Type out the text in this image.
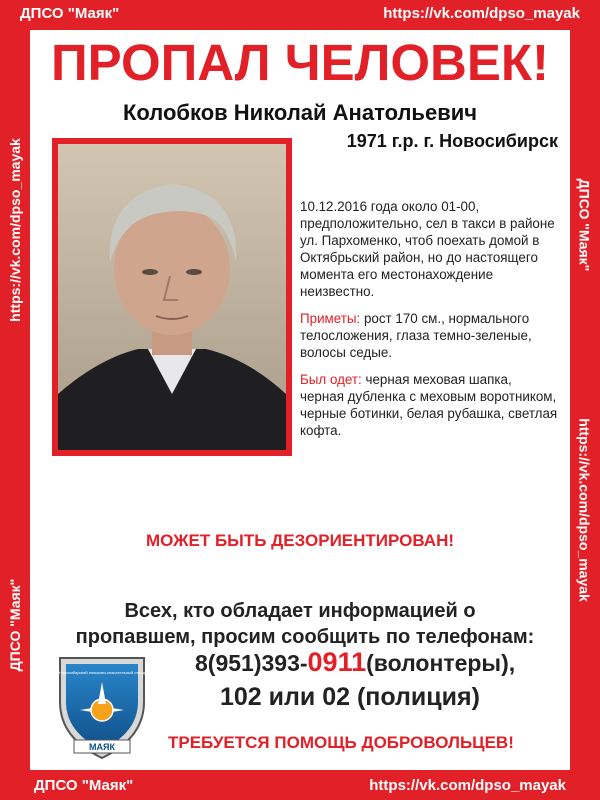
ДПСО "Маяк"	https://vk.com/dpso_mayak
ДПСО "Маяк"	https://vk.com/dpso_mayak
https://vk.com/dpso_mayak
ДПСО "Маяк"
ДПСО "Маяк"
https://vk.com/dpso_mayak
ПРОПАЛ ЧЕЛОВЕК!
Колобков Николай Анатольевич
1971 г.р. г. Новосибирск

10.12.2016 года около 01-00, предположительно, сел в такси в районе ул. Пархоменко, чтоб поехать домой в Октябрьский район, но до настоящего момента его местонахождение неизвестно.

Приметы: рост 170 см., нормального телосложения, глаза темно-зеленые, волосы седые.

Был одет: черная меховая шапка, черная дубленка с меховым воротником, черные ботинки, белая рубашка, светлая кофта.

МОЖЕТ БЫТЬ ДЕЗОРИЕНТИРОВАН!
Всех, кто обладает информацией о
пропавшем, просим сообщить по телефонам:
8(951)393-0911(волонтеры),
102 или 02 (полиция)
ТРЕБУЕТСЯ ПОМОЩЬ ДОБРОВОЛЬЦЕВ!
МАЯК
Новосибирский поисково-спасательный отряд
